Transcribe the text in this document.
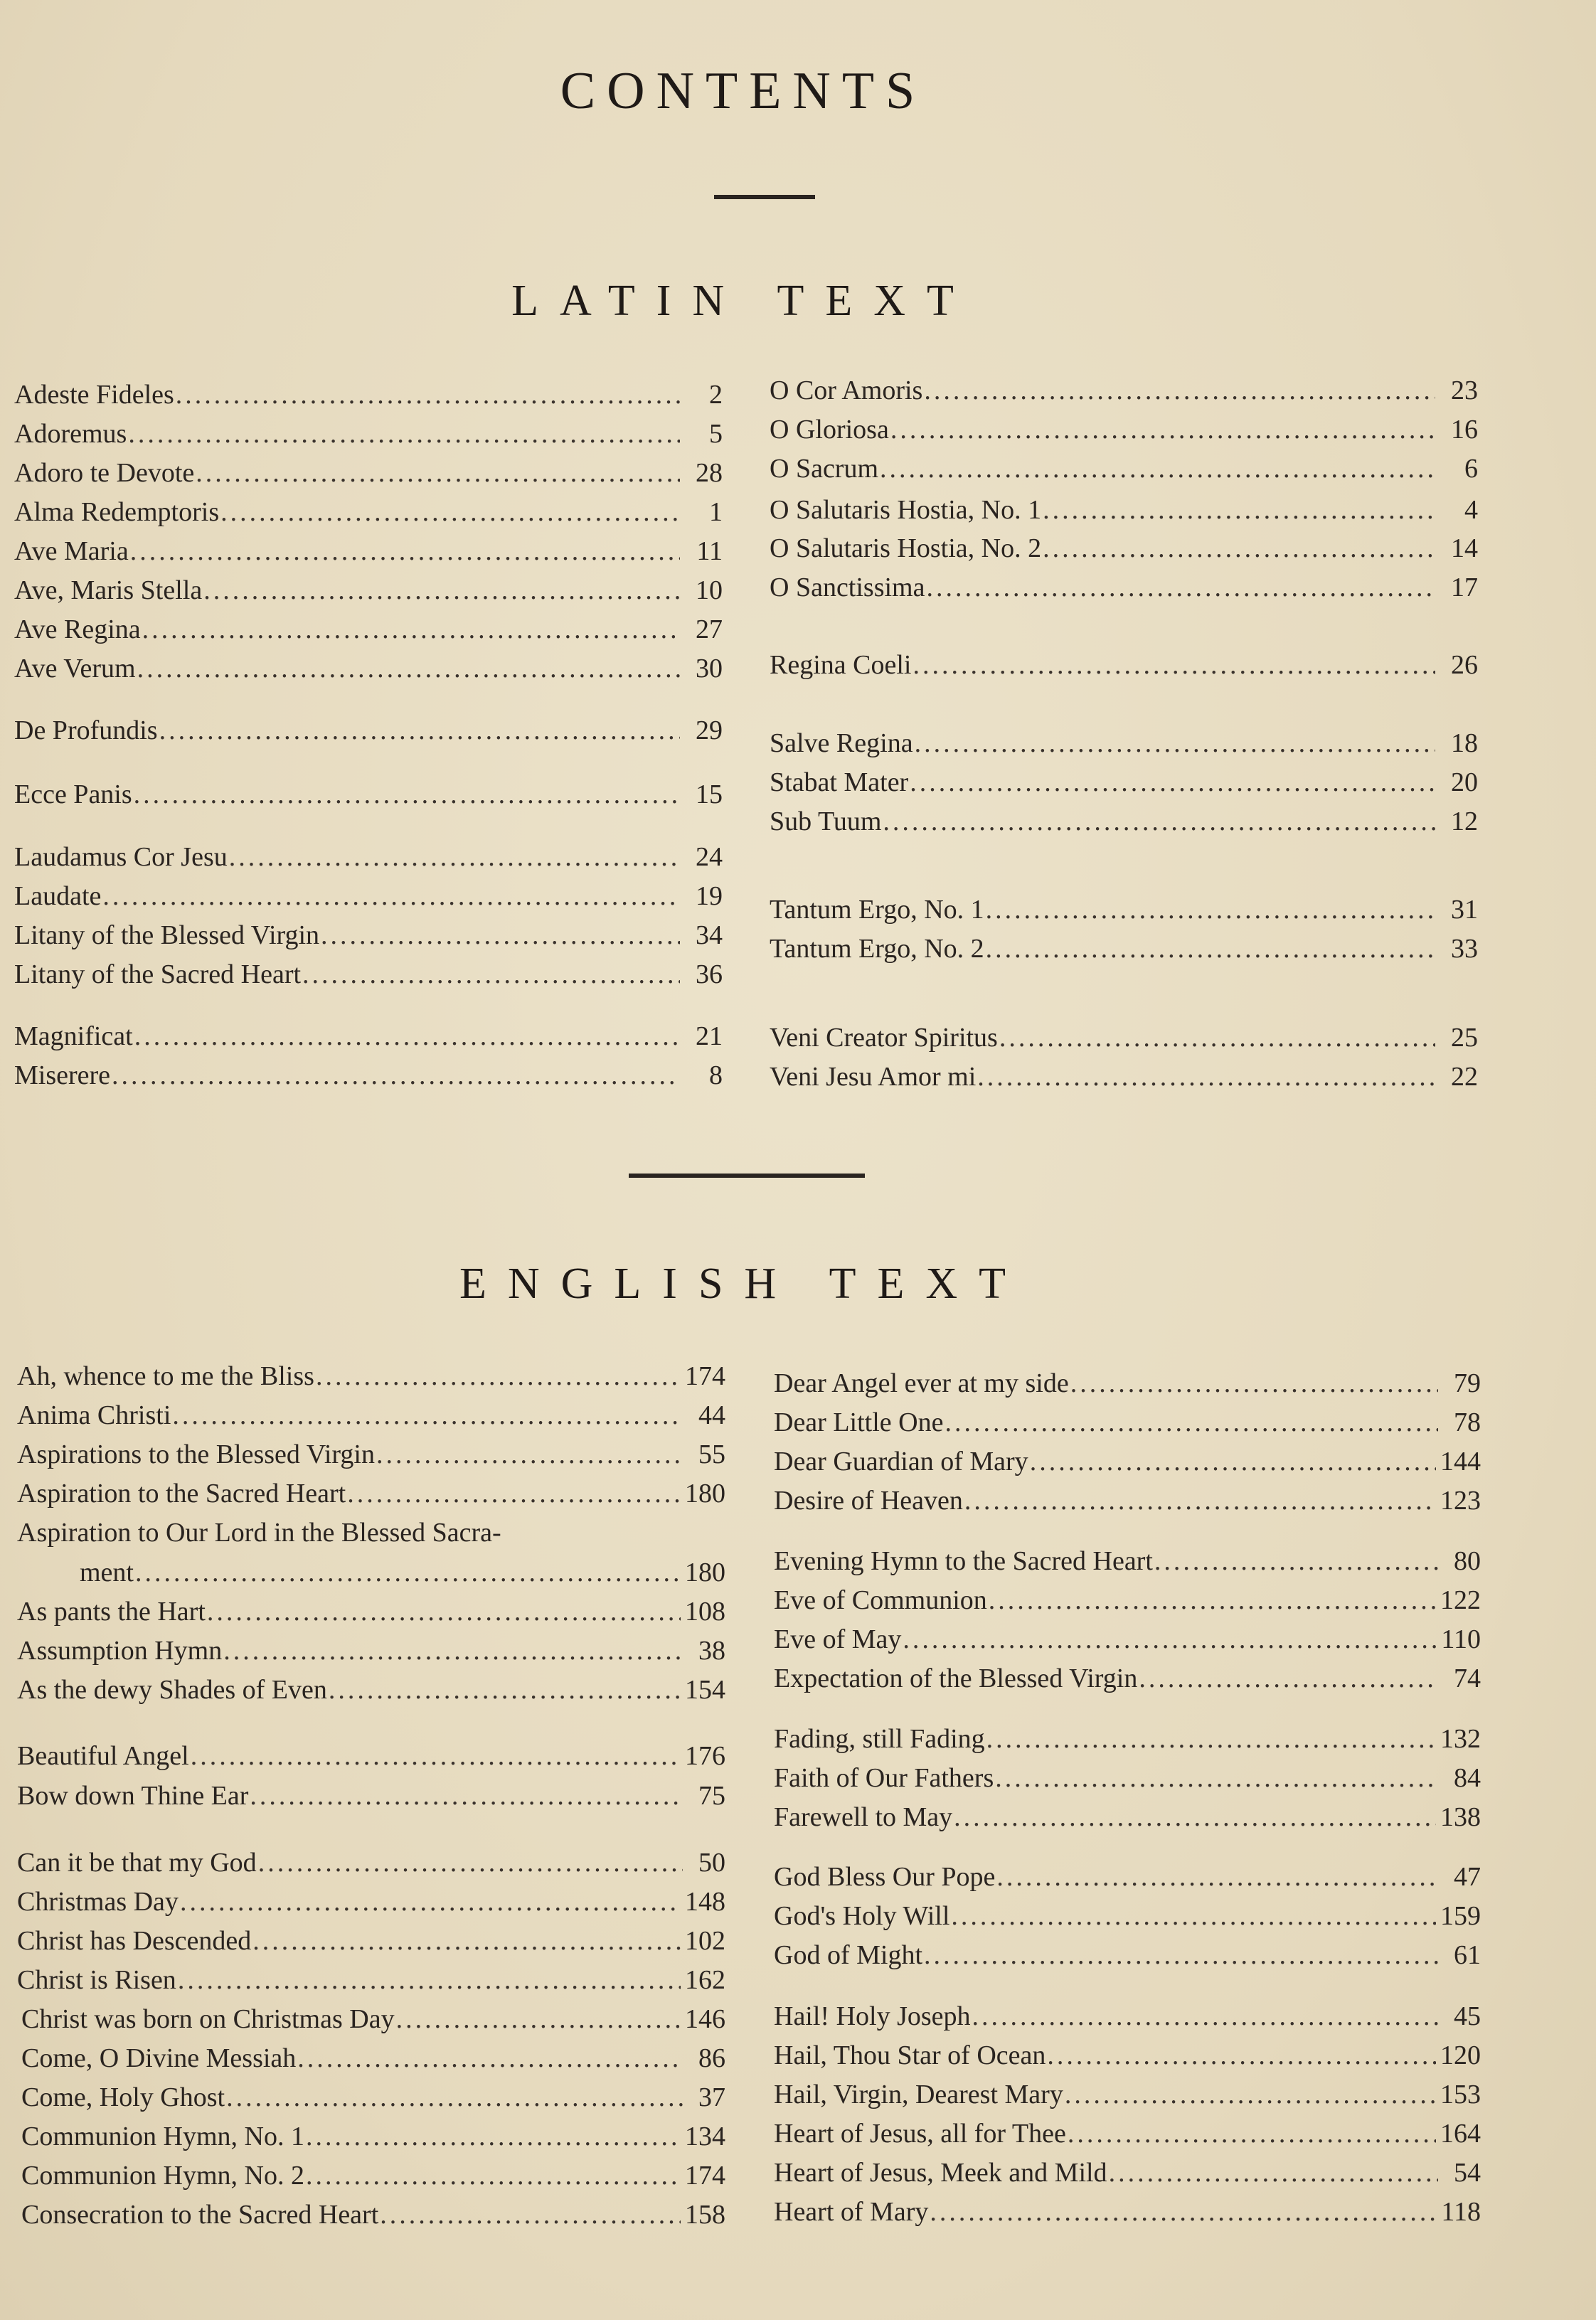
CONTENTS
LATIN TEXT
Adeste Fideles .....	2
Adoremus .....	5
Adoro te Devote .....	28
Alma Redemptoris .....	1
Ave Maria .....	11
Ave, Maris Stella .....	10
Ave Regina .....	27
Ave Verum .....	30
De Profundis .....	29
Ecce Panis .....	15
Laudamus Cor Jesu .....	24
Laudate .....	19
Litany of the Blessed Virgin .....	34
Litany of the Sacred Heart .....	36
Magnificat .....	21
Miserere .....	8
O Cor Amoris .....	23
O Gloriosa .....	16
O Sacrum .....	6
O Salutaris Hostia, No. 1 .....	4
O Salutaris Hostia, No. 2 .....	14
O Sanctissima .....	17
Regina Coeli .....	26
Salve Regina .....	18
Stabat Mater .....	20
Sub Tuum .....	12
Tantum Ergo, No. 1 .....	31
Tantum Ergo, No. 2 .....	33
Veni Creator Spiritus .....	25
Veni Jesu Amor mi .....	22
ENGLISH TEXT
Ah, whence to me the Bliss .....	174
Anima Christi .....	44
Aspirations to the Blessed Virgin .....	55
Aspiration to the Sacred Heart .....	180
Aspiration to Our Lord in the Blessed Sacra-
ment .....	180
As pants the Hart .....	108
Assumption Hymn .....	38
As the dewy Shades of Even .....	154
Beautiful Angel .....	176
Bow down Thine Ear .....	75
Can it be that my God .....	50
Christmas Day .....	148
Christ has Descended .....	102
Christ is Risen .....	162
Christ was born on Christmas Day .....	146
Come, O Divine Messiah .....	86
Come, Holy Ghost .....	37
Communion Hymn, No. 1 .....	134
Communion Hymn, No. 2 .....	174
Consecration to the Sacred Heart .....	158
Dear Angel ever at my side .....	79
Dear Little One .....	78
Dear Guardian of Mary .....	144
Desire of Heaven .....	123
Evening Hymn to the Sacred Heart .....	80
Eve of Communion .....	122
Eve of May .....	110
Expectation of the Blessed Virgin .....	74
Fading, still Fading .....	132
Faith of Our Fathers .....	84
Farewell to May .....	138
God Bless Our Pope .....	47
God's Holy Will .....	159
God of Might .....	61
Hail! Holy Joseph .....	45
Hail, Thou Star of Ocean .....	120
Hail, Virgin, Dearest Mary .....	153
Heart of Jesus, all for Thee .....	164
Heart of Jesus, Meek and Mild .....	54
Heart of Mary .....	118
